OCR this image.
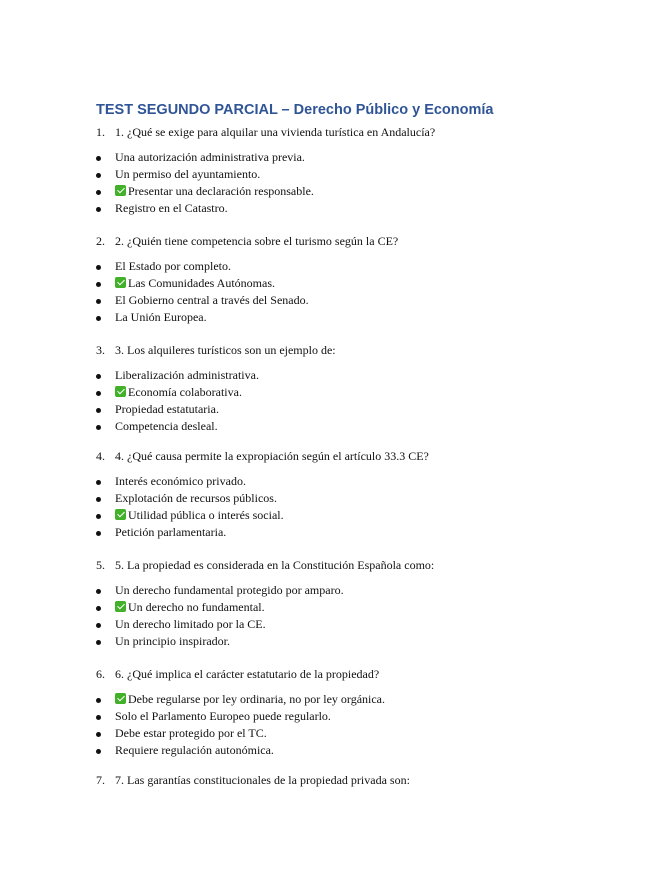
TEST SEGUNDO PARCIAL – Derecho Público y Economía
1. 1. ¿Qué se exige para alquilar una vivienda turística en Andalucía?
Una autorización administrativa previa.
Un permiso del ayuntamiento.
Presentar una declaración responsable.
Registro en el Catastro.
2. 2. ¿Quién tiene competencia sobre el turismo según la CE?
El Estado por completo.
Las Comunidades Autónomas.
El Gobierno central a través del Senado.
La Unión Europea.
3. 3. Los alquileres turísticos son un ejemplo de:
Liberalización administrativa.
Economía colaborativa.
Propiedad estatutaria.
Competencia desleal.
4. 4. ¿Qué causa permite la expropiación según el artículo 33.3 CE?
Interés económico privado.
Explotación de recursos públicos.
Utilidad pública o interés social.
Petición parlamentaria.
5. 5. La propiedad es considerada en la Constitución Española como:
Un derecho fundamental protegido por amparo.
Un derecho no fundamental.
Un derecho limitado por la CE.
Un principio inspirador.
6. 6. ¿Qué implica el carácter estatutario de la propiedad?
Debe regularse por ley ordinaria, no por ley orgánica.
Solo el Parlamento Europeo puede regularlo.
Debe estar protegido por el TC.
Requiere regulación autonómica.
7. 7. Las garantías constitucionales de la propiedad privada son:
